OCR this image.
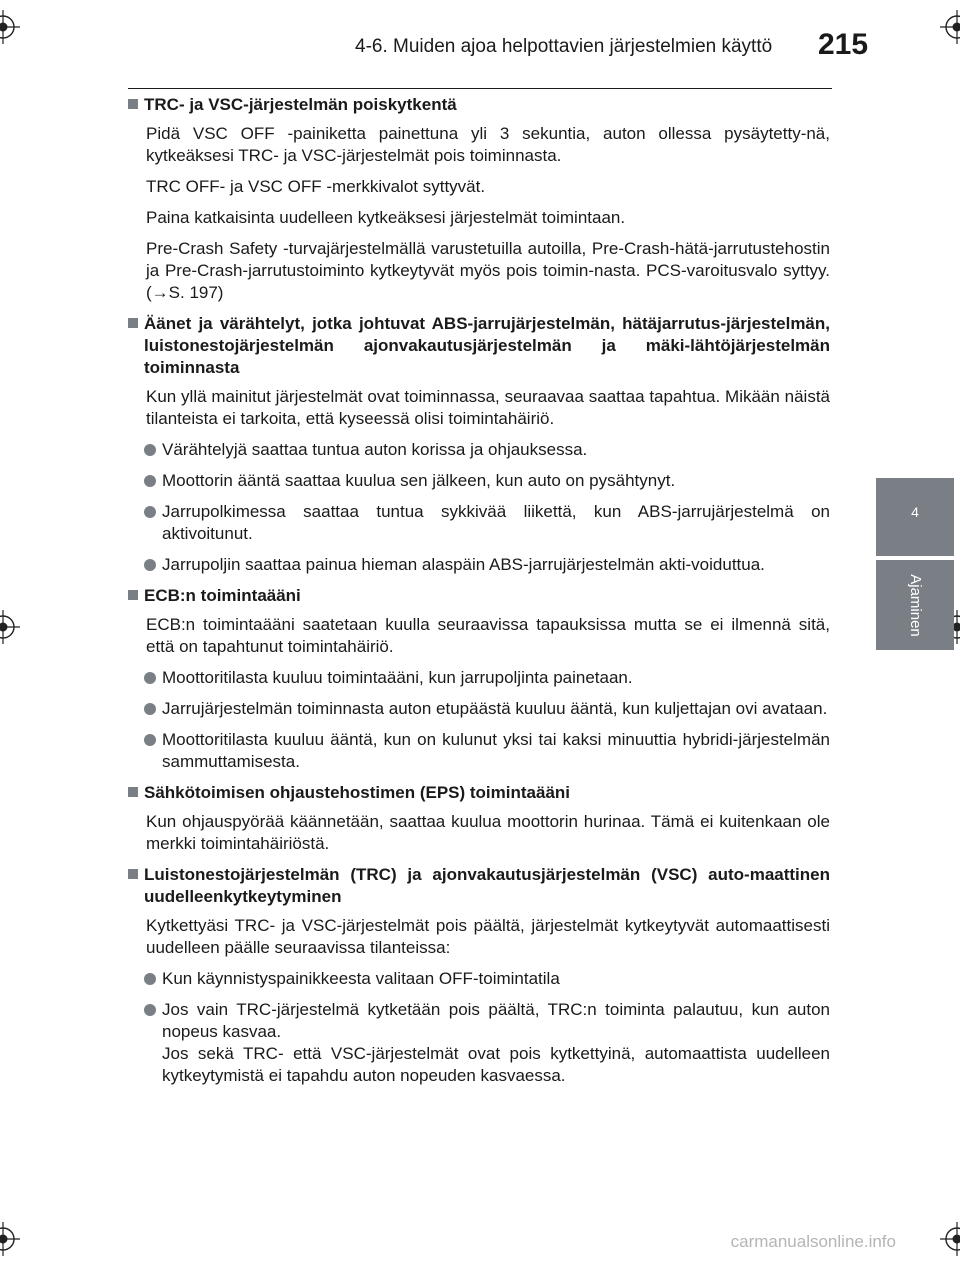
4-6. Muiden ajoa helpottavien järjestelmien käyttö 215
4
Ajaminen
TRC- ja VSC-järjestelmän poiskytkentä
Pidä VSC OFF -painiketta painettuna yli 3 sekuntia, auton ollessa pysäytetty-nä, kytkeäksesi TRC- ja VSC-järjestelmät pois toiminnasta.
TRC OFF- ja VSC OFF -merkkivalot syttyvät.
Paina katkaisinta uudelleen kytkeäksesi järjestelmät toimintaan.
Pre-Crash Safety -turvajärjestelmällä varustetuilla autoilla, Pre-Crash-hätä-jarrutustehostin ja Pre-Crash-jarrutustoiminto kytkeytyvät myös pois toimin-nasta. PCS-varoitusvalo syttyy. (→S. 197)
Äänet ja värähtelyt, jotka johtuvat ABS-jarrujärjestelmän, hätäjarrutus-järjestelmän, luistonestojärjestelmän ajonvakautusjärjestelmän ja mäki-lähtöjärjestelmän toiminnasta
Kun yllä mainitut järjestelmät ovat toiminnassa, seuraavaa saattaa tapahtua. Mikään näistä tilanteista ei tarkoita, että kyseessä olisi toimintahäiriö.
Värähtelyjä saattaa tuntua auton korissa ja ohjauksessa.
Moottorin ääntä saattaa kuulua sen jälkeen, kun auto on pysähtynyt.
Jarrupolkimessa saattaa tuntua sykkivää liikettä, kun ABS-jarrujärjestelmä on aktivoitunut.
Jarrupoljin saattaa painua hieman alaspäin ABS-jarrujärjestelmän akti-voiduttua.
ECB:n toimintaääni
ECB:n toimintaääni saatetaan kuulla seuraavissa tapauksissa mutta se ei ilmennä sitä, että on tapahtunut toimintahäiriö.
Moottoritilasta kuuluu toimintaääni, kun jarrupoljinta painetaan.
Jarrujärjestelmän toiminnasta auton etupäästä kuuluu ääntä, kun kuljettajan ovi avataan.
Moottoritilasta kuuluu ääntä, kun on kulunut yksi tai kaksi minuuttia hybridi-järjestelmän sammuttamisesta.
Sähkötoimisen ohjaustehostimen (EPS) toimintaääni
Kun ohjauspyörää käännetään, saattaa kuulua moottorin hurinaa. Tämä ei kuitenkaan ole merkki toimintahäiriöstä.
Luistonestojärjestelmän (TRC) ja ajonvakautusjärjestelmän (VSC) auto-maattinen uudelleenkytkeytyminen
Kytkettyäsi TRC- ja VSC-järjestelmät pois päältä, järjestelmät kytkeytyvät automaattisesti uudelleen päälle seuraavissa tilanteissa:
Kun käynnistyspainikkeesta valitaan OFF-toimintatila
Jos vain TRC-järjestelmä kytketään pois päältä, TRC:n toiminta palautuu, kun auton nopeus kasvaa.
Jos sekä TRC- että VSC-järjestelmät ovat pois kytkettyinä, automaattista uudelleen kytkeytymistä ei tapahdu auton nopeuden kasvaessa.
carmanualsonline.info
